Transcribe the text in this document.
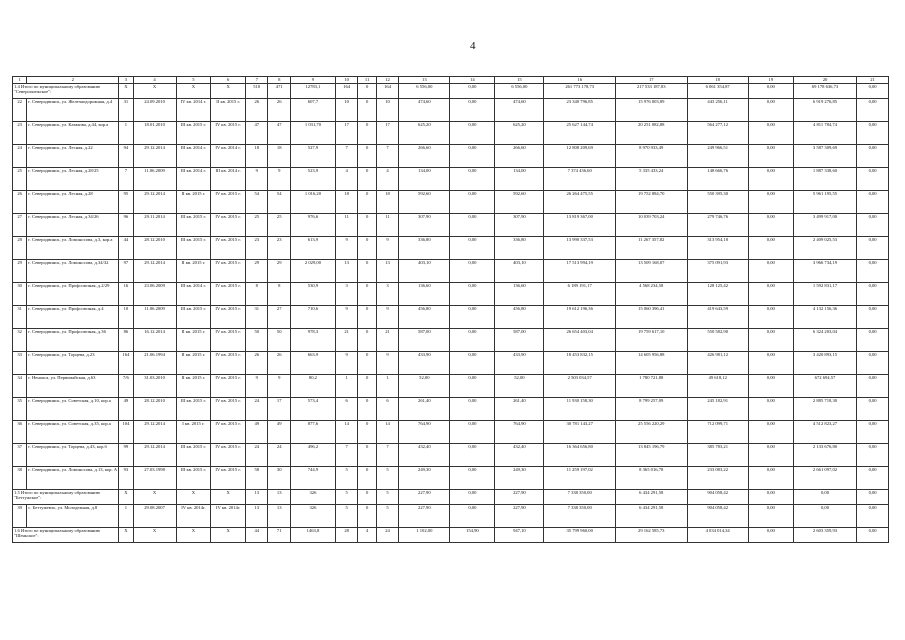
4
1	2	3	4	5	6	7	8	9	10	11	12	13	14	15	16	17	18	19	20	21
1.4 Итого по муниципальному образованию "Североонежское":		X	X	X	X	510	471	12783,1	164	0	164	6 556,00	0,00	6 556,00	261 773 178,73	217 533 187,83	6 061 354,87	0,00	69 178 636,73	0,00
22	г. Северодвинск, ул. Железнодорожная, д.4	31	24.09.2010	IV кв. 2014 г.	II кв. 2015 г.	26	26	607,7	10	0	10	474,60	0,00	474,60	23 340 796,85	15 976 003,89	443 256,11	0,00	6 919 276,85	0,00
23	г. Северодвинск, ул. Казакова, д.44, кор.а	1	18.01.2010	III кв. 2015 г.	IV кв. 2015 г.	47	47	1 031,70	17	0	17	625,20	0,00	625,20	25 627 144,74	20 251 082,88	564 277,12	0,00	4 811 784,74	0,00
24	г. Северодвинск, ул. Лесная, д.22	94	29.12.2014	III кв. 2014 г.	IV кв. 2014 г.	18	18	527,9	7	0	7	266,60	0,00	266,60	12 808 209,69	8 970 933,49	249 966,51	0,00	3 587 309,69	0,00
25	г. Северодвинск, ул. Лесная, д.28/25	7	11.06.2009	III кв. 2014 г.	III кв. 2014 г.	9	9	523,9	4	0	4	134,00	0,00	134,00	7 374 436,60	5 335 433,24	148 666,76	0,00	1 887 338,60	0,00
26	г. Северодвинск, ул. Лесная, д.28	95	29.12.2014	II кв. 2015 г.	IV кв. 2015 г.	54	54	1 016,20	18	0	18	592,60	0,00	592,60	26 264 475,55	19 752 884,70	550 395,30	0,00	5 961 195,55	0,00
27	г. Северодвинск, ул. Лесная, д.34/26	96	29.11.2014	III кв. 2015 г.	IV кв. 2015 г.	25	25	976,6	11	0	11	307,90	0,00	307,90	13 819 367,00	10 039 703,24	279 746,76	0,00	3 499 917,00	0,00
28	г. Северодвинск, ул. Ломоносова, д.3, кор.а	44	28.12.2010	III кв. 2015 г.	IV кв. 2015 г.	23	23	613,9	9	0	9	336,80	0,00	336,80	13 990 337,53	11 267 357,82	313 954,18	0,00	2 409 025,53	0,00
29	г. Северодвинск, ул. Ломоносова, д.34/32	97	29.12.2014	II кв. 2015 г.	IV кв. 2015 г.	29	29	2 029,00	13	0	13	403,10	0,00	403,10	17 513 994,19	13 509 168,07	375 091,93	0,00	3 966 734,19	0,00
30	г. Северодвинск, ул. Профсоюзная, д.2/29	16	23.06.2009	III кв. 2014 г.	IV кв. 2015 г.	8	8	530,9	3	0	3	136,60	0,00	136,60	6 189 191,17	4 568 234,58	128 125,42	0,00	1 592 831,17	0,00
31	г. Северодвинск, ул. Профсоюзная, д.4	10	11.06.2009	III кв. 2015 г.	IV кв. 2015 г.	31	27	710,6	9	0	9	456,80	0,00	456,80	19 612 196,36	15 060 396,41	419 643,59	0,00	4 132 156,36	0,00
32	г. Северодвинск, ул. Профсоюзная, д.36	86	16.12.2014	II кв. 2015 г.	IV кв. 2015 г.	50	50	978,3	21	0	21	587,00	0,00	587,00	26 654 403,04	19 759 617,10	550 582,90	0,00	6 324 203,04	0,00
33	г. Северодвинск, ул. Торцева, д.23	164	21.06.1994	II кв. 2015 г.	IV кв. 2015 г.	26	26	663,9	9	0	9	433,90	0,00	433,90	18 453 832,15	14 605 956,88	426 981,12	0,00	3 420 893,15	0,00
34	г. Ненокса, ул. Первомайская, д.63	7/6	31.03.2010	II кв. 2015 г.	IV кв. 2015 г.	9	9	80,2	1	0	1	52,00	0,00	52,00	2 503 034,57	1 780 721,88	49 618,12	0,00	672 694,57	0,00
35	г. Северодвинск, ул. Советская, д.10, кор.а	49	28.12.2010	III кв. 2015 г.	IV кв. 2015 г.	24	17	573,4	6	0	6	261,40	0,00	261,40	11 930 158,30	8 799 257,09	245 182,91	0,00	2 885 718,30	0,00
36	г. Северодвинск, ул. Советская, д.35, кор.а	104	29.12.2014	I кв. 2015 г.	IV кв. 2015 г.	49	49	877,6	14	0	14	764,90	0,00	764,90	30 781 143,27	25 556 220,29	712 099,71	0,00	4 512 823,27	0,00
37	г. Северодвинск, ул. Торцева, д.43, кор.б	99	29.12.2014	III кв. 2015 г.	IV кв. 2015 г.	24	24	496,2	7	0	7	432,40	0,00	432,40	16 364 656,80	13 845 196,79	385 783,21	0,00	2 133 676,80	0,00
38	г. Северодвинск, ул. Ломоносова, д.13, кор. А	93	27.03.1998	III кв. 2015 г.	IV кв. 2015 г.	58	30	744,9	5	0	5	249,30	0,00	249,30	11 259 197,02	8 365 016,78	233 083,22	0,00	2 661 097,02	0,00
1.5 Итого по муниципальному образованию "Беттужское":		X	X	X	X	13	13	326	5	0	5	227,90	0,00	227,90	7 338 350,00	6 434 291,58	904 058,42	0,00	0,00	0,00
39	с. Беттужевло, ул. Молодежная, д.8	1	29.08.2007	IV кв. 2014г.	IV кв. 2014г.	13	13	326	5	0	5	227,90	0,00	227,90	7 338 350,00	6 434 291,58	904 058,42	0,00	0,00	0,00
1.6 Итого по муниципальному образованию "Шеньское":		X	X	X	X	44	71	1463,8	28	4	24	1 102,00	154,90	947,10	35 799 960,00	29 162 585,73	4 034 014,34	0,00	2 603 359,93	0,00
